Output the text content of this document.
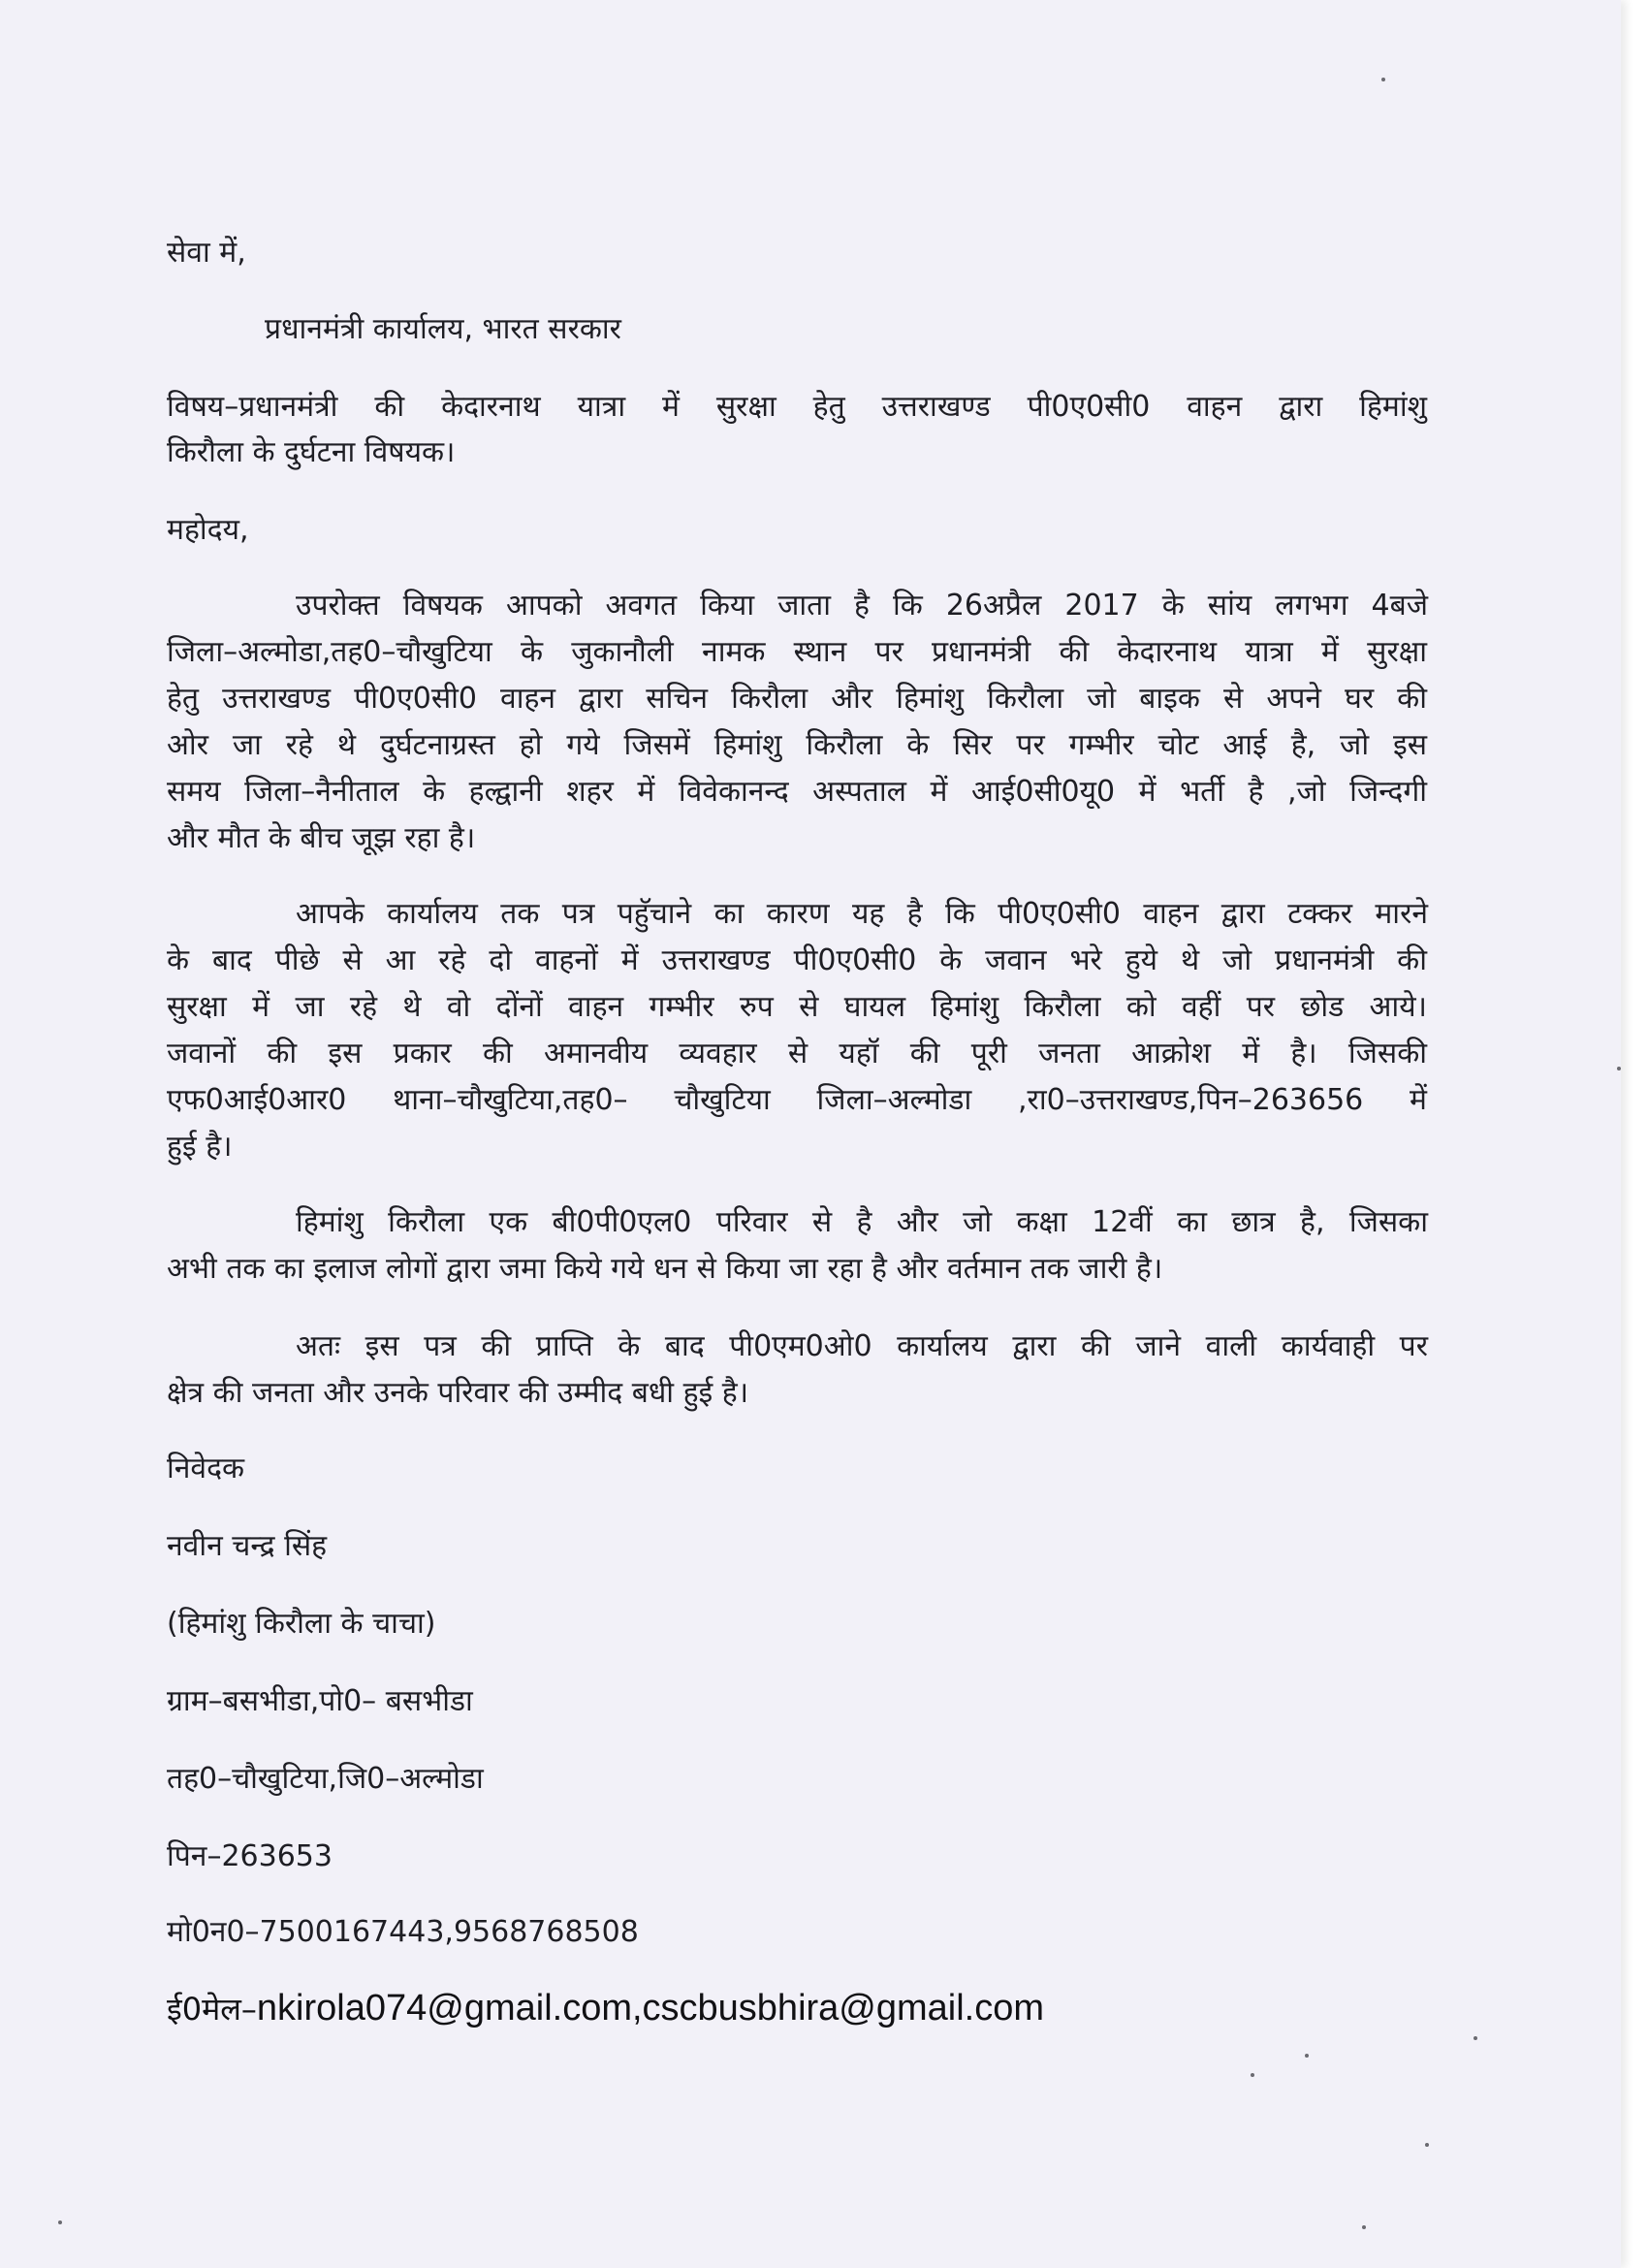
सेवा में,
प्रधानमंत्री कार्यालय, भारत सरकार
विषय–प्रधानमंत्री की केदारनाथ यात्रा में सुरक्षा हेतु उत्तराखण्ड पी0ए0सी0 वाहन द्वारा हिमांशु
किरौला के दुर्घटना विषयक।
महोदय,
उपरोक्त विषयक आपको अवगत किया जाता है कि 26अप्रैल 2017 के सांय लगभग 4बजे
जिला–अल्मोडा,तह0–चौखुटिया के जुकानौली नामक स्थान पर प्रधानमंत्री की केदारनाथ यात्रा में सुरक्षा
हेतु उत्तराखण्ड पी0ए0सी0 वाहन द्वारा सचिन किरौला और हिमांशु किरौला जो बाइक से अपने घर की
ओर जा रहे थे दुर्घटनाग्रस्त हो गये जिसमें हिमांशु किरौला के सिर पर गम्भीर चोट आई है, जो इस
समय जिला–नैनीताल के हल्द्वानी शहर में विवेकानन्द अस्पताल में आई0सी0यू0 में भर्ती है ,जो जिन्दगी
और मौत के बीच जूझ रहा है।
आपके कार्यालय तक पत्र पहुॅचाने का कारण यह है कि पी0ए0सी0 वाहन द्वारा टक्कर मारने
के बाद पीछे से आ रहे दो वाहनों में उत्तराखण्ड पी0ए0सी0 के जवान भरे हुये थे जो प्रधानमंत्री की
सुरक्षा में जा रहे थे वो दोंनों वाहन गम्भीर रुप से घायल हिमांशु किरौला को वहीं पर छोड आये।
जवानों की इस प्रकार की अमानवीय व्यवहार से यहॉ की पूरी जनता आक्रोश में है। जिसकी
एफ0आई0आर0 थाना–चौखुटिया,तह0– चौखुटिया जिला–अल्मोडा ,रा0–उत्तराखण्ड,पिन–263656 में
हुई है।
हिमांशु किरौला एक बी0पी0एल0 परिवार से है और जो कक्षा 12वीं का छात्र है, जिसका
अभी तक का इलाज लोगों द्वारा जमा किये गये धन से किया जा रहा है और वर्तमान तक जारी है।
अतः इस पत्र की प्राप्ति के बाद पी0एम0ओ0 कार्यालय द्वारा की जाने वाली कार्यवाही पर
क्षेत्र की जनता और उनके परिवार की उम्मीद बधी हुई है।
निवेदक
नवीन चन्द्र सिंह
(हिमांशु किरौला के चाचा)
ग्राम–बसभीडा,पो0– बसभीडा
तह0–चौखुटिया,जि0–अल्मोडा
पिन–263653
मो0न0–7500167443,9568768508
ई0मेल–nkirola074@gmail.com,cscbusbhira@gmail.com
